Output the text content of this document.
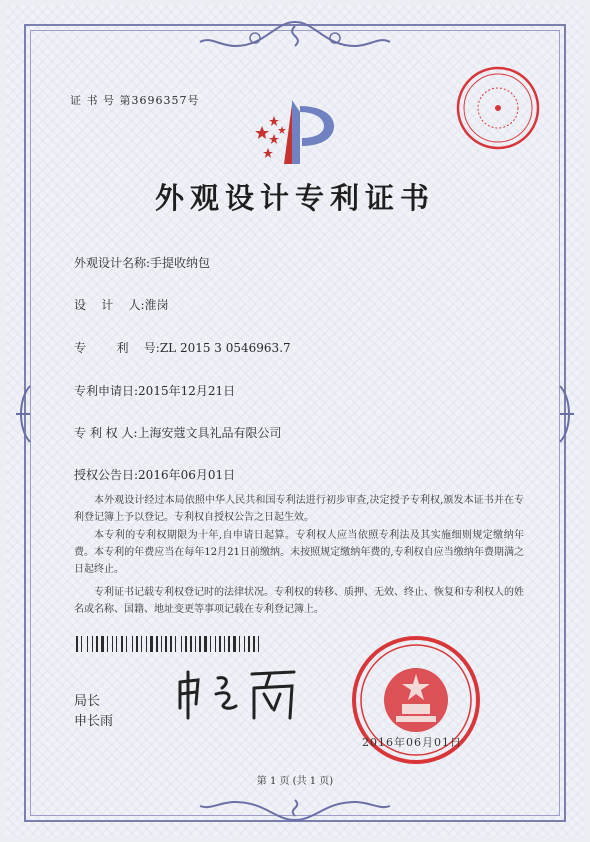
证 书 号 第3696357号
外观设计专利证书
外观设计名称:手提收纳包
设    计    人:淮岗
专        利    号:ZL 2015 3 0546963.7
专利申请日:2015年12月21日
专 利 权 人:上海安蔻文具礼品有限公司
授权公告日:2016年06月01日

本外观设计经过本局依照中华人民共和国专利法进行初步审查,决定授予专利权,颁发本证书并在专利登记簿上予以登记。专利权自授权公告之日起生效。

本专利的专利权期限为十年,自申请日起算。专利权人应当依照专利法及其实施细则规定缴纳年费。本专利的年费应当在每年12月21日前缴纳。未按照规定缴纳年费的,专利权自应当缴纳年费期满之日起终止。

专利证书记载专利权登记时的法律状况。专利权的转移、质押、无效、终止、恢复和专利权人的姓名或名称、国籍、地址变更等事项记载在专利登记簿上。

局长
申长雨
2016年06月01日
第 1 页 (共 1 页)
